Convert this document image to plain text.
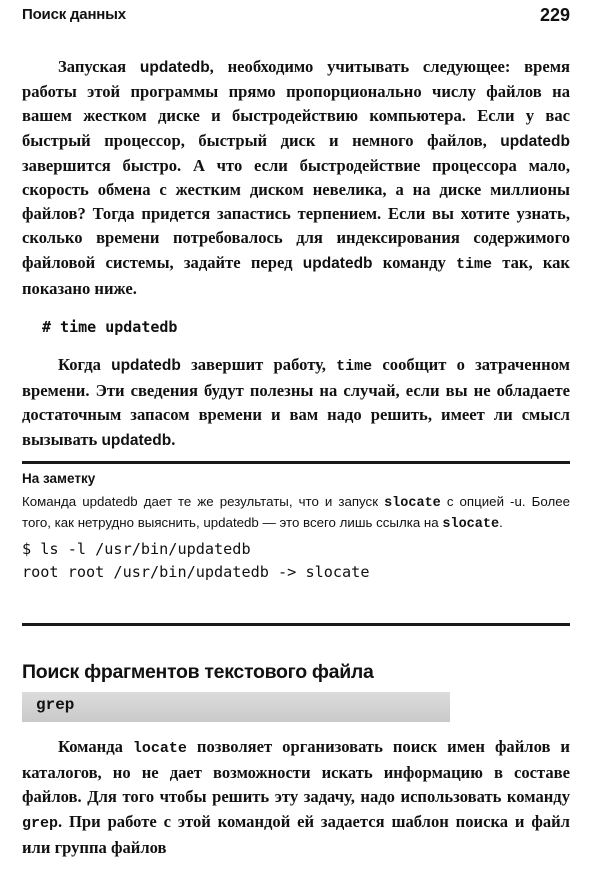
Поиск данных	229

Запуская updatedb, необходимо учитывать следующее: время работы этой программы прямо пропорционально числу файлов на вашем жестком диске и быстродействию компьютера. Если у вас быстрый процессор, быстрый диск и немного файлов, updatedb завершится быстро. А что если быстродействие процессора мало, скорость обмена с жестким диском невелика, а на диске миллионы файлов? Тогда придется запастись терпением. Если вы хотите узнать, сколько времени потребовалось для индексирования содержимого файловой системы, задайте перед updatedb команду time так, как показано ниже.

# time updatedb

Когда updatedb завершит работу, time сообщит о затраченном времени. Эти сведения будут полезны на случай, если вы не обладаете достаточным запасом времени и вам надо решить, имеет ли смысл вызывать updatedb.

На заметку

Команда updatedb дает те же результаты, что и запуск slocate с опцией -u. Более того, как нетрудно выяснить, updatedb — это всего лишь ссылка на slocate.

$ ls -l /usr/bin/updatedb
root root /usr/bin/updatedb -> slocate
Поиск фрагментов текстового файла
grep

Команда locate позволяет организовать поиск имен файлов и каталогов, но не дает возможности искать информацию в составе файлов. Для того чтобы решить эту задачу, надо использовать команду grep. При работе с этой командой ей задается шаблон поиска и файл или группа файлов
